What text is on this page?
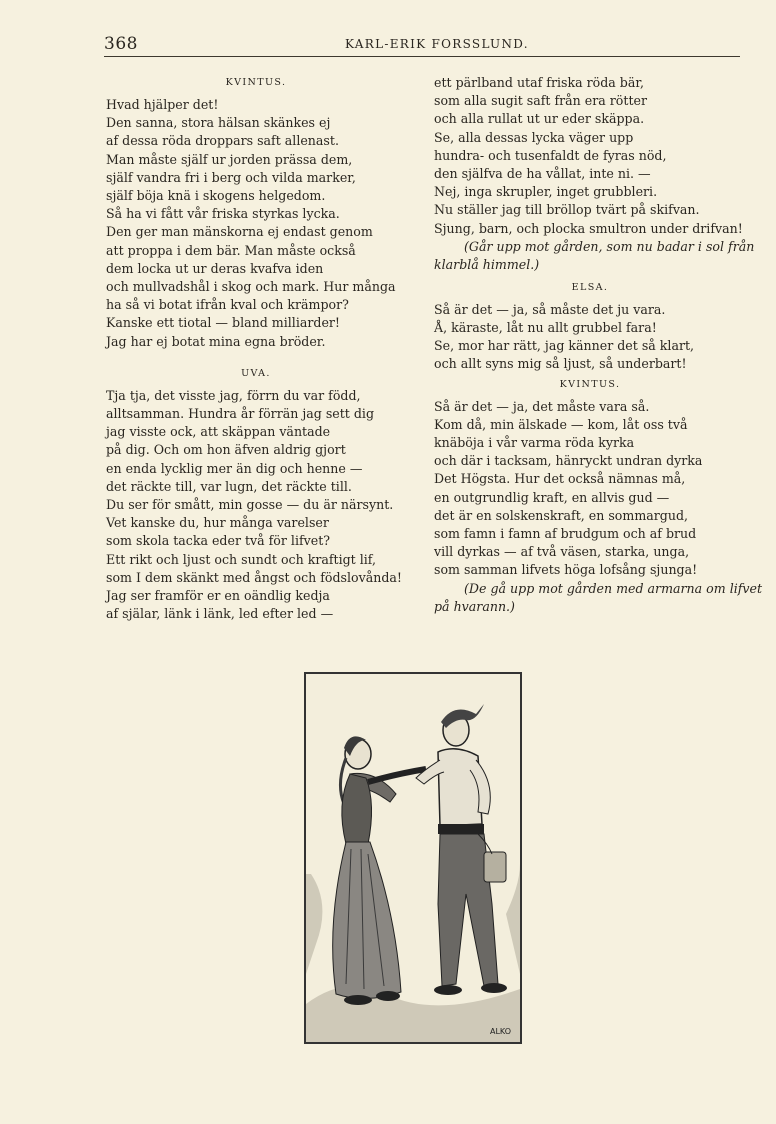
368	KARL-ERIK FORSSLUND.
KVINTUS.
Hvad hjälper det!
Den sanna, stora hälsan skänkes ej
af dessa röda droppars saft allenast.
Man måste själf ur jorden prässa dem,
själf vandra fri i berg och vilda marker,
själf böja knä i skogens helgedom.
Så ha vi fått vår friska styrkas lycka.
Den ger man mänskorna ej endast genom
att proppa i dem bär. Man måste också
dem locka ut ur deras kvafva iden
och mullvadshål i skog och mark. Hur många
ha så vi botat ifrån kval och krämpor?
Kanske ett tiotal — bland milliarder!
Jag har ej botat mina egna bröder.
UVA.
Tja tja, det visste jag, förrn du var född,
alltsamman. Hundra år förrän jag sett dig
jag visste ock, att skäppan väntade
på dig. Och om hon äfven aldrig gjort
en enda lycklig mer än dig och henne —
det räckte till, var lugn, det räckte till.
Du ser för smått, min gosse — du är närsynt.
Vet kanske du, hur många varelser
som skola tacka eder två för lifvet?
Ett rikt och ljust och sundt och kraftigt lif,
som I dem skänkt med ångst och födslovånda!
Jag ser framför er en oändlig kedja
af själar, länk i länk, led efter led —
ett pärlband utaf friska röda bär,
som alla sugit saft från era rötter
och alla rullat ut ur eder skäppa.
Se, alla dessas lycka väger upp
hundra- och tusenfaldt de fyras nöd,
den själfva de ha vållat, inte ni. —
Nej, inga skrupler, inget grubbleri.
Nu ställer jag till bröllop tvärt på skifvan.
Sjung, barn, och plocka smultron under drifvan!
(Går upp mot gården, som nu badar i sol från
klarblå himmel.)
ELSA.
Så är det — ja, så måste det ju vara.
Å, käraste, låt nu allt grubbel fara!
Se, mor har rätt, jag känner det så klart,
och allt syns mig så ljust, så underbart!
KVINTUS.
Så är det — ja, det måste vara så.
Kom då, min älskade — kom, låt oss två
knäböja i vår varma röda kyrka
och där i tacksam, hänryckt undran dyrka
Det Högsta. Hur det också nämnas må,
en outgrundlig kraft, en allvis gud —
det är en solskenskraft, en sommargud,
som famn i famn af brudgum och af brud
vill dyrkas — af två väsen, starka, unga,
som samman lifvets höga lofsång sjunga!
(De gå upp mot gården med armarna om lifvet
på hvarann.)
ALKO
